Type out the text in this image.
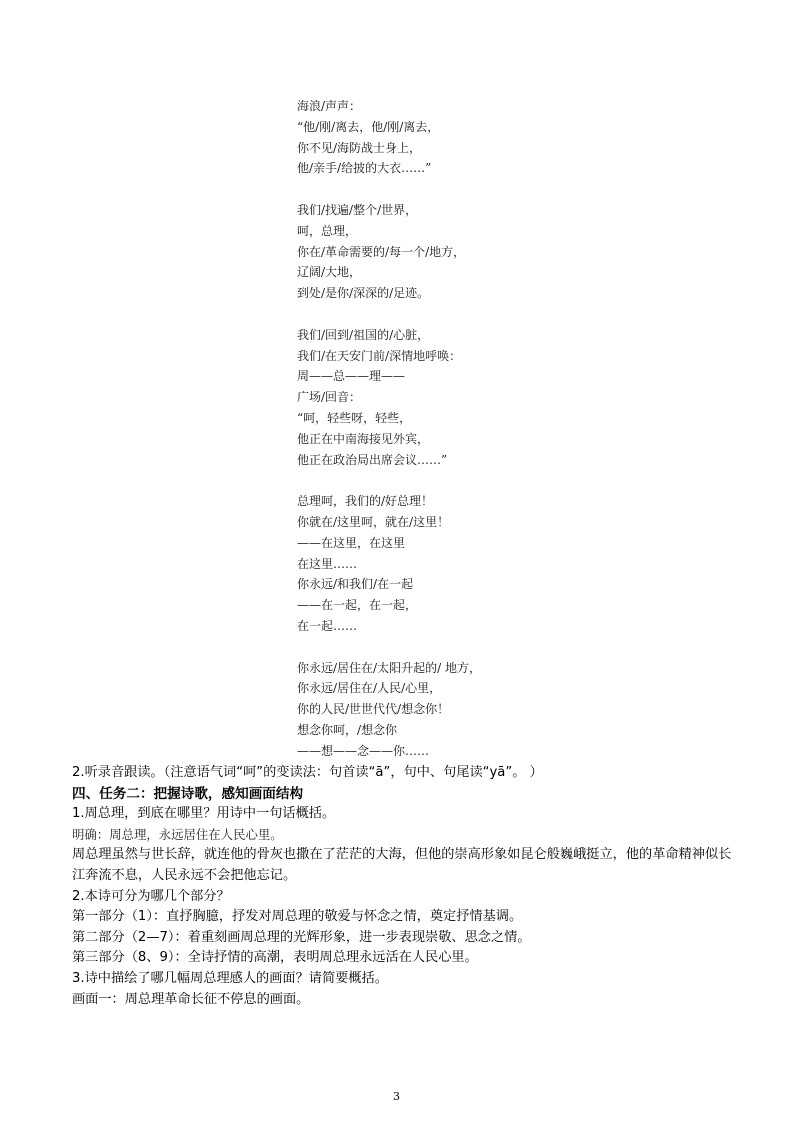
海浪/声声：
“他/刚/离去，他/刚/离去，
你不见/海防战士身上，
他/亲手/给披的大衣……”
我们/找遍/整个/世界，
呵，总理，
你在/革命需要的/每一个/地方，
辽阔/大地，
到处/是你/深深的/足迹。
我们/回到/祖国的/心脏，
我们/在天安门前/深情地呼唤：
周——总——理——
广场/回音：
“呵，轻些呀，轻些，
他正在中南海接见外宾，
他正在政治局出席会议……”
总理呵，我们的/好总理！
你就在/这里呵，就在/这里！
——在这里，在这里
在这里……
你永远/和我们/在一起
——在一起，在一起，
在一起……
你永远/居住在/太阳升起的/ 地方，
你永远/居住在/人民/心里，
你的人民/世世代代/想念你！
想念你呵，/想念你
——想——念——你……
2.听录音跟读。（注意语气词“呵”的变读法：句首读“ā”，句中、句尾读“yā”。 ）
四、任务二：把握诗歌，感知画面结构
1.周总理，到底在哪里？用诗中一句话概括。
明确：周总理，永远居住在人民心里。
周总理虽然与世长辞，就连他的骨灰也撒在了茫茫的大海，但他的崇高形象如昆仑般巍峨挺立，他的革命精神似长江奔流不息，人民永远不会把他忘记。
2.本诗可分为哪几个部分？
第一部分（1）：直抒胸臆，抒发对周总理的敬爱与怀念之情，奠定抒情基调。
第二部分（2—7）：着重刻画周总理的光辉形象，进一步表现崇敬、思念之情。
第三部分（8、9）：全诗抒情的高潮，表明周总理永远活在人民心里。
3.诗中描绘了哪几幅周总理感人的画面？请简要概括。
画面一：周总理革命长征不停息的画面。
3
